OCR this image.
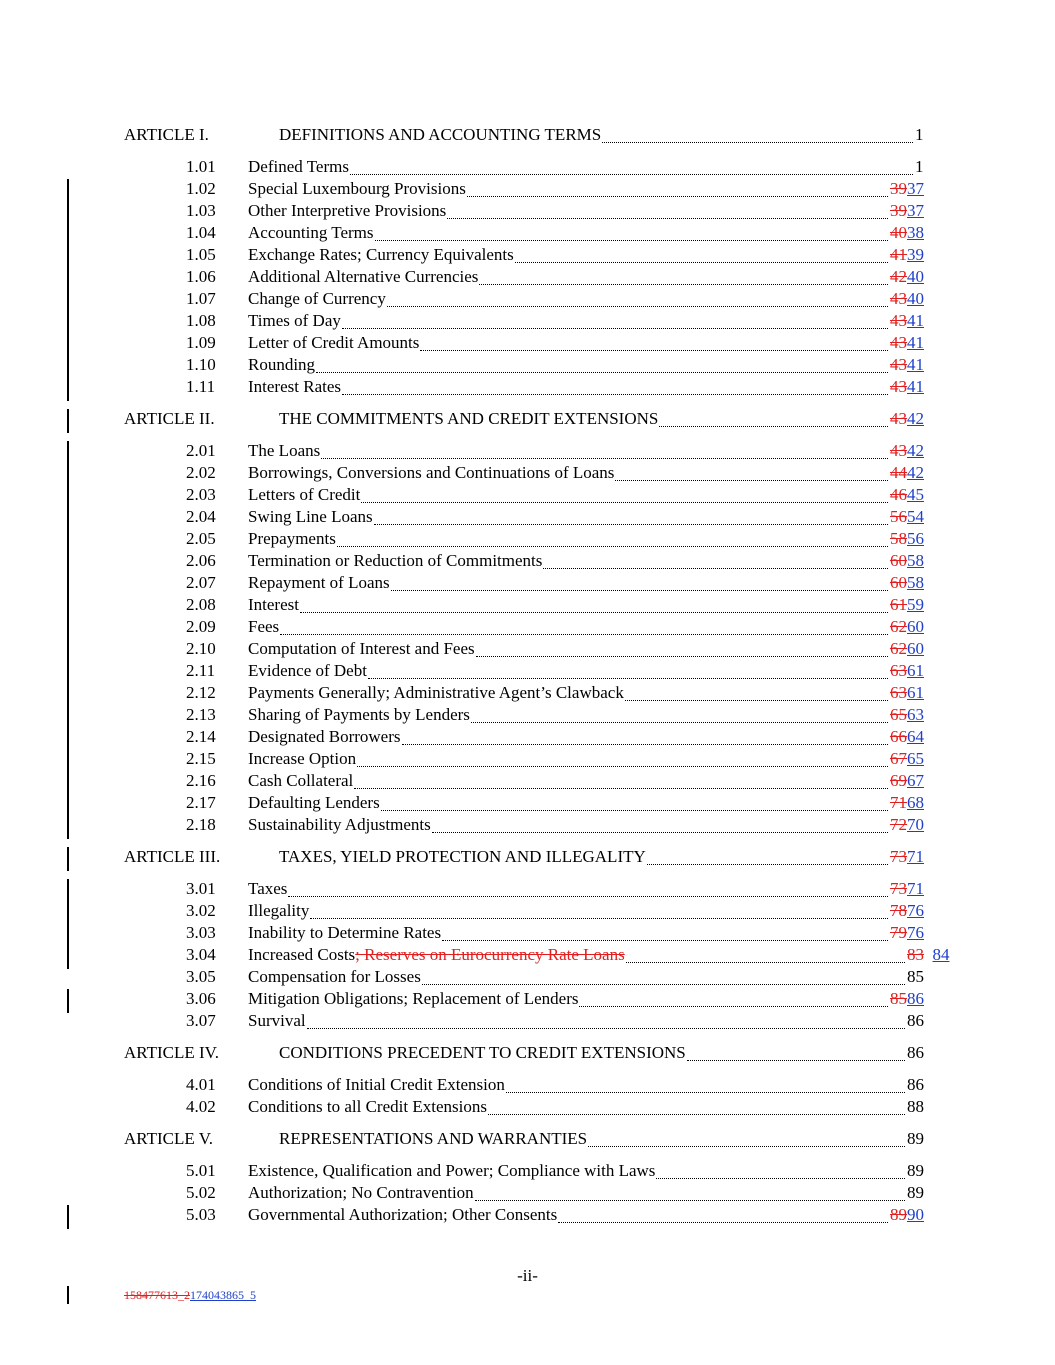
ARTICLE I.	DEFINITIONS AND ACCOUNTING TERMS	1
1.01 Defined Terms	1
1.02 Special Luxembourg Provisions	3937
1.03 Other Interpretive Provisions	3937
1.04 Accounting Terms	4038
1.05 Exchange Rates; Currency Equivalents	4139
1.06 Additional Alternative Currencies	4240
1.07 Change of Currency	4340
1.08 Times of Day	4341
1.09 Letter of Credit Amounts	4341
1.10 Rounding	4341
1.11 Interest Rates	4341
ARTICLE II.	THE COMMITMENTS AND CREDIT EXTENSIONS	4342
2.01 The Loans	4342
2.02 Borrowings, Conversions and Continuations of Loans	4442
2.03 Letters of Credit	4645
2.04 Swing Line Loans	5654
2.05 Prepayments	5856
2.06 Termination or Reduction of Commitments	6058
2.07 Repayment of Loans	6058
2.08 Interest	6159
2.09 Fees	6260
2.10 Computation of Interest and Fees	6260
2.11 Evidence of Debt	6361
2.12 Payments Generally; Administrative Agent’s Clawback	6361
2.13 Sharing of Payments by Lenders	6563
2.14 Designated Borrowers	6664
2.15 Increase Option	6765
2.16 Cash Collateral	6967
2.17 Defaulting Lenders	7168
2.18 Sustainability Adjustments	7270
ARTICLE III.	TAXES, YIELD PROTECTION AND ILLEGALITY	7371
3.01 Taxes	7371
3.02 Illegality	7876
3.03 Inability to Determine Rates	7976
3.04 Increased Costs; Reserves on Eurocurrency Rate Loans	83 84
3.05 Compensation for Losses	85
3.06 Mitigation Obligations; Replacement of Lenders	8586
3.07 Survival	86
ARTICLE IV.	CONDITIONS PRECEDENT TO CREDIT EXTENSIONS	86
4.01 Conditions of Initial Credit Extension	86
4.02 Conditions to all Credit Extensions	88
ARTICLE V.	REPRESENTATIONS AND WARRANTIES	89
5.01 Existence, Qualification and Power; Compliance with Laws	89
5.02 Authorization; No Contravention	89
5.03 Governmental Authorization; Other Consents	8990
-ii-
158477613_2174043865_5
